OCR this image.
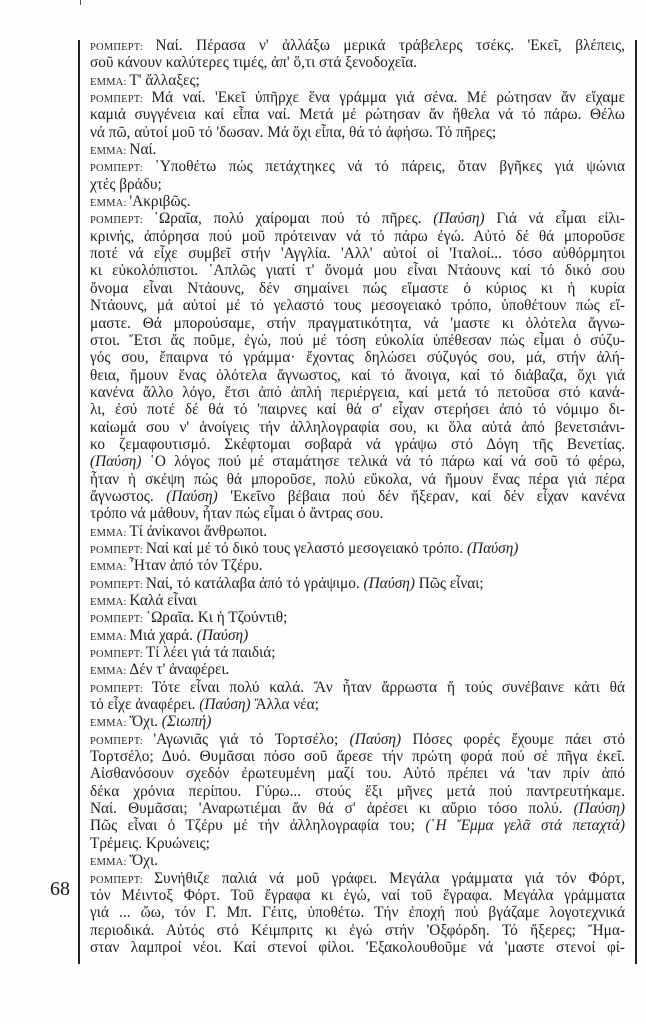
68
ΡΟΜΠΕΡΤ: Ναί. Πέρασα ν' ἀλλάξω μερικά τράβελερς τσέκς. 'Εκεῖ, βλέπεις,
σοῦ κάνουν καλύτερες τιμές, ἀπ' ὅ,τι στά ξενοδοχεῖα.
ΕΜΜΑ: Τ' ἄλλαξες;
ΡΟΜΠΕΡΤ: Μά ναί. 'Εκεῖ ὑπῆρχε ἕνα γράμμα γιά σένα. Μέ ρώτησαν ἄν εἴχαμε
καμιά συγγένεια καί εἶπα ναί. Μετά μέ ρώτησαν ἄν ἤθελα νά τό πάρω. Θέλω
νά πῶ, αὐτοί μοῦ τό 'δωσαν. Μά ὄχι εἶπα, θά τό ἀφήσω. Τό πῆρες;
ΕΜΜΑ: Ναί.
ΡΟΜΠΕΡΤ: ῾Υποθέτω πώς πετάχτηκες νά τό πάρεις, ὅταν βγῆκες γιά ψώνια
χτές βράδυ;
ΕΜΜΑ: 'Ακριβῶς.
ΡΟΜΠΕΡΤ: ῾Ωραῖα, πολύ χαίρομαι πού τό πῆρες. (Παύση) Γιά νά εἶμαι εἰλι-
κρινής, ἀπόρησα πού μοῦ πρότειναν νά τό πάρω ἐγώ. Αὐτό δέ θά μποροῦσε
ποτέ νά εἶχε συμβεῖ στήν 'Αγγλία. 'Αλλ' αὐτοί οἱ 'Ιταλοί... τόσο αὐθόρμητοι
κι εὐκολόπιστοι. ῾Απλῶς γιατί τ' ὄνομά μου εἶναι Ντάουνς καί τό δικό σου
ὄνομα εἶναι Ντάουνς, δέν σημαίνει πώς εἴμαστε ὁ κύριος κι ἡ κυρία
Ντάουνς, μά αὐτοί μέ τό γελαστό τους μεσογειακό τρόπο, ὑποθέτουν πώς εἵ-
μαστε. Θά μπορούσαμε, στήν πραγματικότητα, νά 'μαστε κι ὁλότελα ἄγνω-
στοι. Ἔτσι ἄς ποῦμε, ἐγώ, πού μέ τόση εὐκολία ὑπέθεσαν πώς εἶμαι ὁ σύζυ-
γός σου, ἔπαιρνα τό γράμμα· ἔχοντας δηλώσει σύζυγός σου, μά, στήν ἀλή-
θεια, ἤμουν ἕνας ὁλότελα ἄγνωστος, καί τό ἄνοιγα, καί τό διάβαζα, ὄχι γιά
κανένα ἄλλο λόγο, ἔτσι ἀπό ἁπλή περιέργεια, καί μετά τό πετοῦσα στό κανά-
λι, ἐσύ ποτέ δέ θά τό 'παιρνες καί θά σ' εἶχαν στερήσει ἀπό τό νόμιμο δι-
καίωμά σου ν' ἀνοίγεις τήν ἀλληλογραφία σου, κι ὅλα αὐτά ἀπό βενετσιάνι-
κο ζεμαφουτισμό. Σκέφτομαι σοβαρά νά γράψω στό Δόγη τῆς Βενετίας.
(Παύση) ῾Ο λόγος πού μέ σταμάτησε τελικά νά τό πάρω καί νά σοῦ τό φέρω,
ἦταν ἡ σκέψη πώς θά μποροῦσε, πολύ εὔκολα, νά ἤμουν ἕνας πέρα γιά πέρα
ἄγνωστος. (Παύση) 'Εκεῖνο βέβαια πού δέν ἤξεραν, καί δέν εἶχαν κανένα
τρόπο νά μάθουν, ἦταν πώς εἶμαι ὁ ἄντρας σου.
ΕΜΜΑ: Τί ἀνίκανοι ἄνθρωποι.
ΡΟΜΠΕΡΤ: Ναί καί μέ τό δικό τους γελαστό μεσογειακό τρόπο. (Παύση)
ΕΜΜΑ: Ἦταν ἀπό τόν Τζέρυ.
ΡΟΜΠΕΡΤ: Ναί, τό κατάλαβα ἀπό τό γράψιμο. (Παύση) Πῶς εἶναι;
ΕΜΜΑ: Καλά εἶναι
ΡΟΜΠΕΡΤ: ῾Ωραῖα. Κι ἡ Τζούντιθ;
ΕΜΜΑ: Μιά χαρά. (Παύση)
ΡΟΜΠΕΡΤ: Τί λέει γιά τά παιδιά;
ΕΜΜΑ: Δέν τ' ἀναφέρει.
ΡΟΜΠΕΡΤ: Τότε εἶναι πολύ καλά. Ἄν ἦταν ἄρρωστα ἤ τούς συνέβαινε κάτι θά
τό εἶχε ἀναφέρει. (Παύση) Ἄλλα νέα;
ΕΜΜΑ: Ὄχι. (Σιωπή)
ΡΟΜΠΕΡΤ: 'Αγωνιᾶς γιά τό Τορτσέλο; (Παύση) Πόσες φορές ἔχουμε πάει στό
Τορτσέλο; Δυό. Θυμᾶσαι πόσο σοῦ ἄρεσε τήν πρώτη φορά πού σέ πῆγα ἐκεῖ.
Αἰσθανόσουν σχεδόν ἐρωτευμένη μαζί του. Αὐτό πρέπει νά 'ταν πρίν ἀπό
δέκα χρόνια περίπου. Γύρω... στούς ἕξι μῆνες μετά πού παντρευτήκαμε.
Ναί. Θυμᾶσαι; 'Αναρωτιέμαι ἄν θά σ' ἀρέσει κι αὔριο τόσο πολύ. (Παύση)
Πῶς εἶναι ὁ Τζέρυ μέ τήν ἀλληλογραφία του; (῾Η Ἔμμα γελᾶ στά πεταχτά)
Τρέμεις. Κρυώνεις;
ΕΜΜΑ: Ὄχι.
ΡΟΜΠΕΡΤ: Συνήθιζε παλιά νά μοῦ γράφει. Μεγάλα γράμματα γιά τόν Φόρτ,
τόν Μέιντοξ Φόρτ. Τοῦ ἔγραφα κι ἐγώ, ναί τοῦ ἔγραφα. Μεγάλα γράμματα
γιά ... ὤω, τόν Γ. Μπ. Γέιτς, ὑποθέτω. Τήν ἐποχή πού βγάζαμε λογοτεχνικά
περιοδικά. Αὐτός στό Κέιμπριτς κι ἐγώ στήν 'Οξφόρδη. Τό ἤξερες; Ἤμα-
σταν λαμπροί νέοι. Καί στενοί φίλοι. 'Εξακολουθοῦμε νά 'μαστε στενοί φί-
